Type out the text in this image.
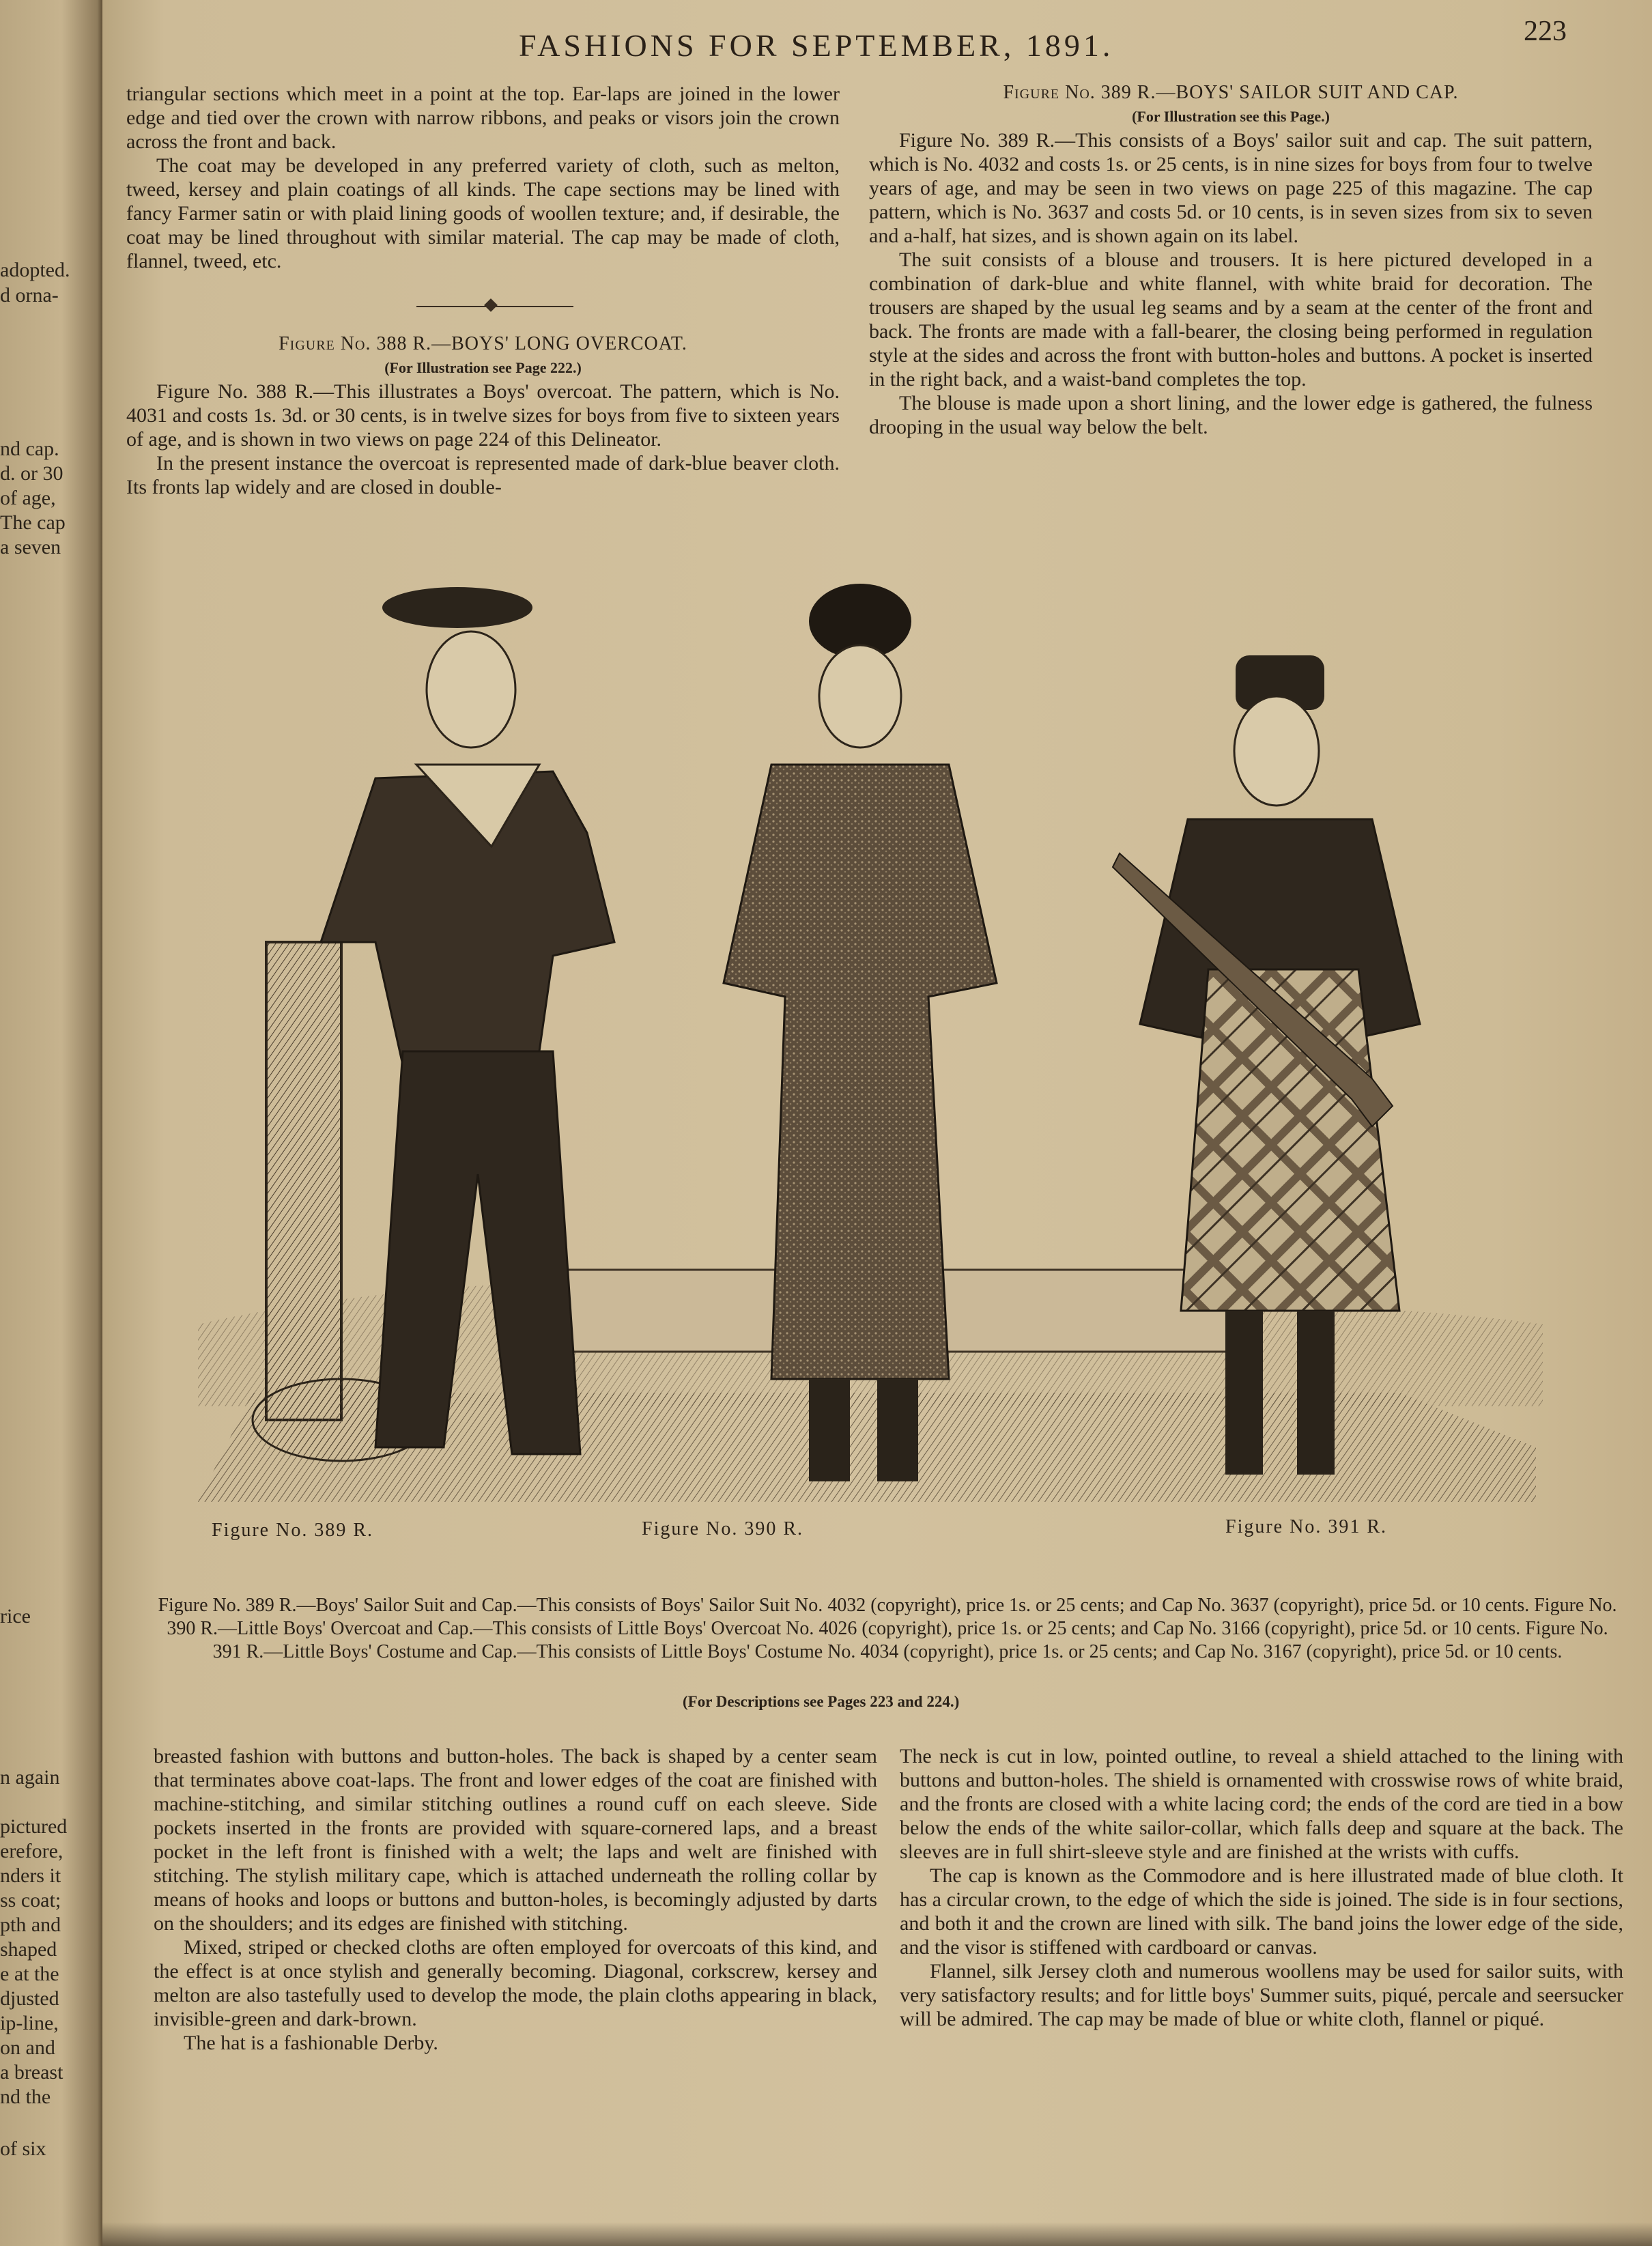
adopted.
d orna-
nd cap.
d. or 30
of age,
The cap
a seven
rice
n again
pictured
erefore,
nders it
ss coat;
pth and
shaped
e at the
djusted
ip-line,
on and
a breast
nd the
of six
FASHIONS FOR SEPTEMBER, 1891.	223

triangular sections which meet in a point at the top. Ear-laps are joined in the lower edge and tied over the crown with narrow ribbons, and peaks or visors join the crown across the front and back.

The coat may be developed in any preferred variety of cloth, such as melton, tweed, kersey and plain coatings of all kinds. The cape sections may be lined with fancy Farmer satin or with plaid lining goods of woollen texture; and, if desirable, the coat may be lined throughout with similar material. The cap may be made of cloth, flannel, tweed, etc.

Figure No. 388 R.—BOYS' LONG OVERCOAT.

(For Illustration see Page 222.)

Figure No. 388 R.—This illustrates a Boys' overcoat. The pattern, which is No. 4031 and costs 1s. 3d. or 30 cents, is in twelve sizes for boys from five to sixteen years of age, and is shown in two views on page 224 of this Delineator.

In the present instance the overcoat is represented made of dark-blue beaver cloth. Its fronts lap widely and are closed in double-

Figure No. 389 R.—BOYS' SAILOR SUIT AND CAP.

(For Illustration see this Page.)

Figure No. 389 R.—This consists of a Boys' sailor suit and cap. The suit pattern, which is No. 4032 and costs 1s. or 25 cents, is in nine sizes for boys from four to twelve years of age, and may be seen in two views on page 225 of this magazine. The cap pattern, which is No. 3637 and costs 5d. or 10 cents, is in seven sizes from six to seven and a-half, hat sizes, and is shown again on its label.

The suit consists of a blouse and trousers. It is here pictured developed in a combination of dark-blue and white flannel, with white braid for decoration. The trousers are shaped by the usual leg seams and by a seam at the center of the front and back. The fronts are made with a fall-bearer, the closing being performed in regulation style at the sides and across the front with button-holes and buttons. A pocket is inserted in the right back, and a waist-band completes the top.

The blouse is made upon a short lining, and the lower edge is gathered, the fulness drooping in the usual way below the belt.

Figure No. 389 R.	Figure No. 390 R.	Figure No. 391 R.
Figure No. 389 R.—Boys' Sailor Suit and Cap.—This consists of Boys' Sailor Suit No. 4032 (copyright), price 1s. or 25 cents; and Cap No. 3637 (copyright), price 5d. or 10 cents. Figure No. 390 R.—Little Boys' Overcoat and Cap.—This consists of Little Boys' Overcoat No. 4026 (copyright), price 1s. or 25 cents; and Cap No. 3166 (copyright), price 5d. or 10 cents. Figure No. 391 R.—Little Boys' Costume and Cap.—This consists of Little Boys' Costume No. 4034 (copyright), price 1s. or 25 cents; and Cap No. 3167 (copyright), price 5d. or 10 cents.
(For Descriptions see Pages 223 and 224.)

breasted fashion with buttons and button-holes. The back is shaped by a center seam that terminates above coat-laps. The front and lower edges of the coat are finished with machine-stitching, and similar stitching outlines a round cuff on each sleeve. Side pockets inserted in the fronts are provided with square-cornered laps, and a breast pocket in the left front is finished with a welt; the laps and welt are finished with stitching. The stylish military cape, which is attached underneath the rolling collar by means of hooks and loops or buttons and button-holes, is becomingly adjusted by darts on the shoulders; and its edges are finished with stitching.

Mixed, striped or checked cloths are often employed for overcoats of this kind, and the effect is at once stylish and generally becoming. Diagonal, corkscrew, kersey and melton are also tastefully used to develop the mode, the plain cloths appearing in black, invisible-green and dark-brown.

The hat is a fashionable Derby.

The neck is cut in low, pointed outline, to reveal a shield attached to the lining with buttons and button-holes. The shield is ornamented with crosswise rows of white braid, and the fronts are closed with a white lacing cord; the ends of the cord are tied in a bow below the ends of the white sailor-collar, which falls deep and square at the back. The sleeves are in full shirt-sleeve style and are finished at the wrists with cuffs.

The cap is known as the Commodore and is here illustrated made of blue cloth. It has a circular crown, to the edge of which the side is joined. The side is in four sections, and both it and the crown are lined with silk. The band joins the lower edge of the side, and the visor is stiffened with cardboard or canvas.

Flannel, silk Jersey cloth and numerous woollens may be used for sailor suits, with very satisfactory results; and for little boys' Summer suits, piqué, percale and seersucker will be admired. The cap may be made of blue or white cloth, flannel or piqué.
